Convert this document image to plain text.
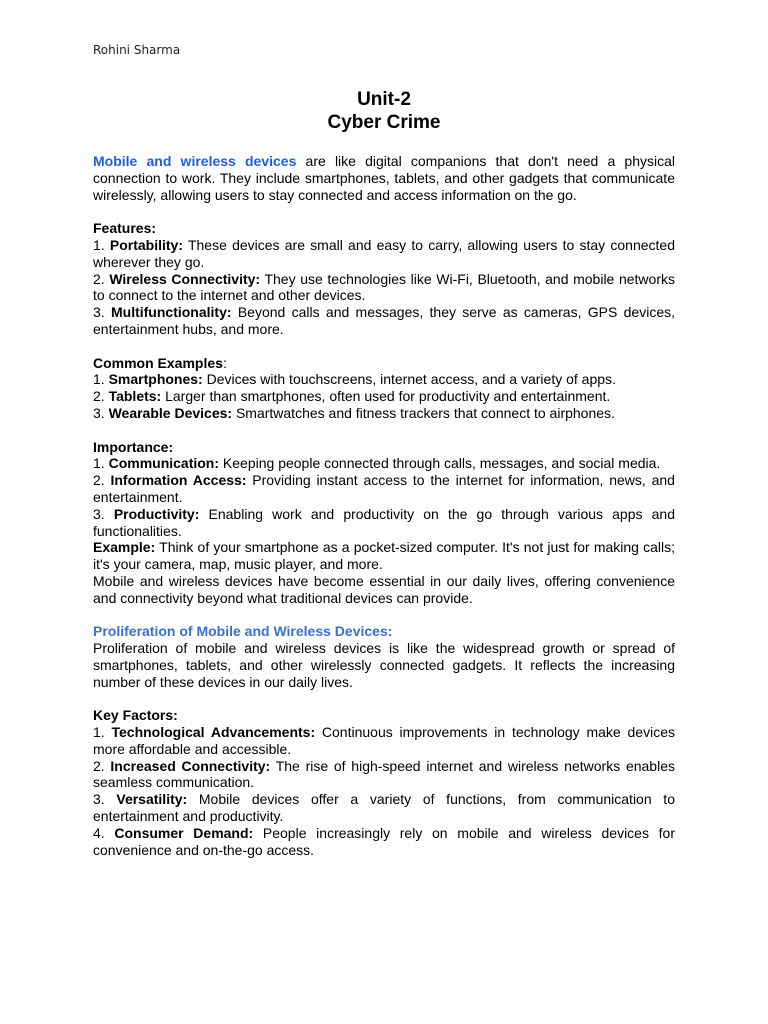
Rohini Sharma
Unit-2
Cyber Crime

Mobile and wireless devices are like digital companions that don't need a physical connection to work. They include smartphones, tablets, and other gadgets that communicate wirelessly, allowing users to stay connected and access information on the go.

Features:

1. Portability: These devices are small and easy to carry, allowing users to stay connected wherever they go.

2. Wireless Connectivity: They use technologies like Wi-Fi, Bluetooth, and mobile networks to connect to the internet and other devices.

3. Multifunctionality: Beyond calls and messages, they serve as cameras, GPS devices, entertainment hubs, and more.

Common Examples:

1. Smartphones: Devices with touchscreens, internet access, and a variety of apps.

2. Tablets: Larger than smartphones, often used for productivity and entertainment.

3. Wearable Devices: Smartwatches and fitness trackers that connect to airphones.

Importance:

1. Communication: Keeping people connected through calls, messages, and social media.

2. Information Access: Providing instant access to the internet for information, news, and entertainment.

3. Productivity: Enabling work and productivity on the go through various apps and functionalities.

Example: Think of your smartphone as a pocket-sized computer. It's not just for making calls; it's your camera, map, music player, and more.

Mobile and wireless devices have become essential in our daily lives, offering convenience and connectivity beyond what traditional devices can provide.

Proliferation of Mobile and Wireless Devices:

Proliferation of mobile and wireless devices is like the widespread growth or spread of smartphones, tablets, and other wirelessly connected gadgets. It reflects the increasing number of these devices in our daily lives.

Key Factors:

1. Technological Advancements: Continuous improvements in technology make devices more affordable and accessible.

2. Increased Connectivity: The rise of high-speed internet and wireless networks enables seamless communication.

3. Versatility: Mobile devices offer a variety of functions, from communication to entertainment and productivity.

4. Consumer Demand: People increasingly rely on mobile and wireless devices for convenience and on-the-go access.
